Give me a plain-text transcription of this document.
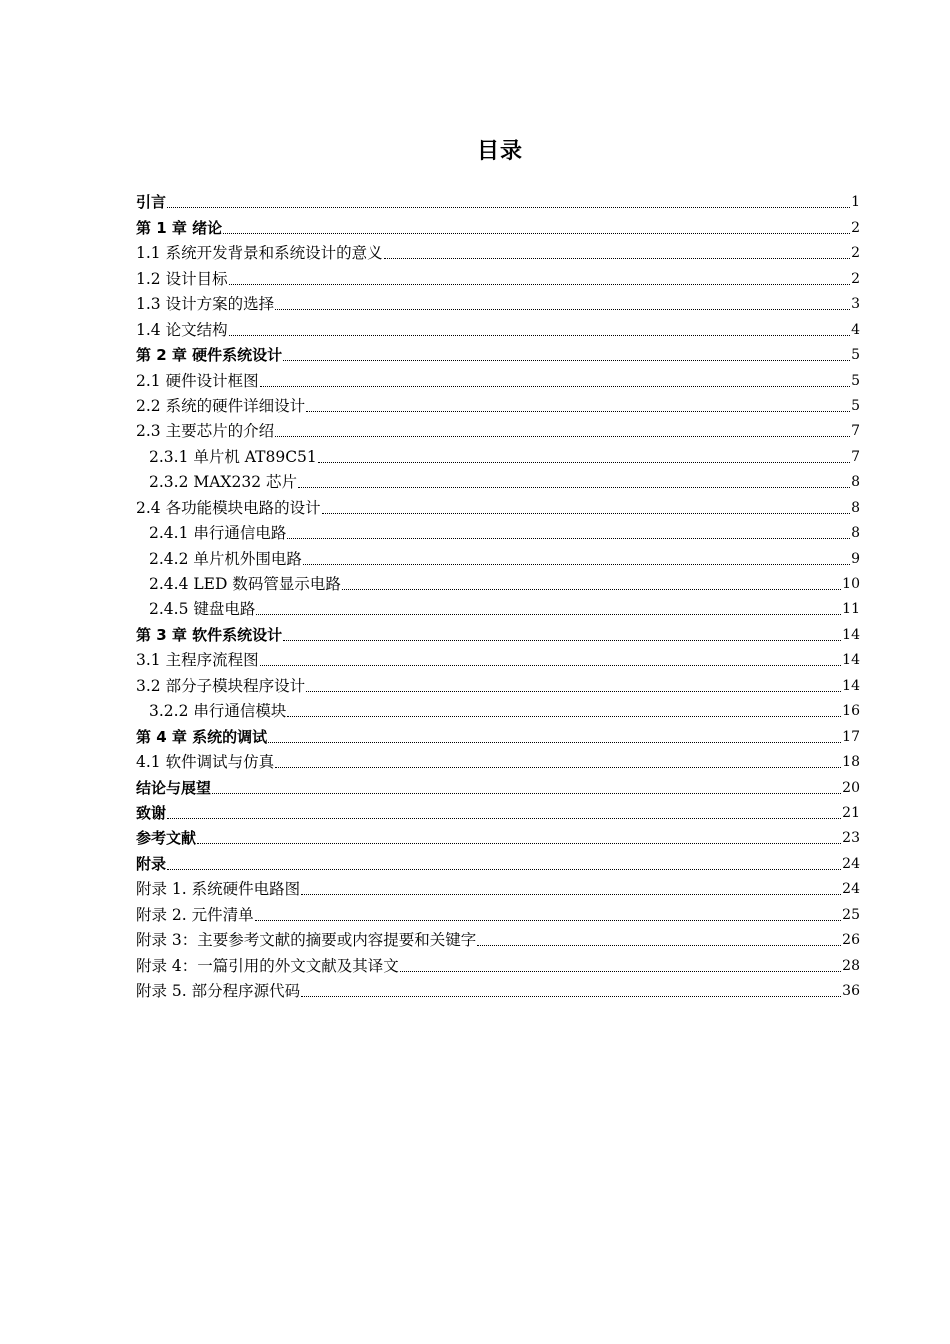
目录
引言	1
第 1 章 绪论	2
1.1 系统开发背景和系统设计的意义	2
1.2 设计目标	2
1.3 设计方案的选择	3
1.4 论文结构	4
第 2 章 硬件系统设计	5
2.1 硬件设计框图	5
2.2 系统的硬件详细设计	5
2.3 主要芯片的介绍	7
2.3.1 单片机 AT89C51	7
2.3.2 MAX232 芯片	8
2.4 各功能模块电路的设计	8
2.4.1 串行通信电路	8
2.4.2 单片机外围电路	9
2.4.4 LED 数码管显示电路	10
2.4.5 键盘电路	11
第 3 章 软件系统设计	14
3.1 主程序流程图	14
3.2 部分子模块程序设计	14
3.2.2 串行通信模块	16
第 4 章 系统的调试	17
4.1 软件调试与仿真	18
结论与展望	20
致谢	21
参考文献	23
附录	24
附录 1. 系统硬件电路图	24
附录 2. 元件清单	25
附录 3：主要参考文献的摘要或内容提要和关键字	26
附录 4：一篇引用的外文文献及其译文	28
附录 5. 部分程序源代码	36
